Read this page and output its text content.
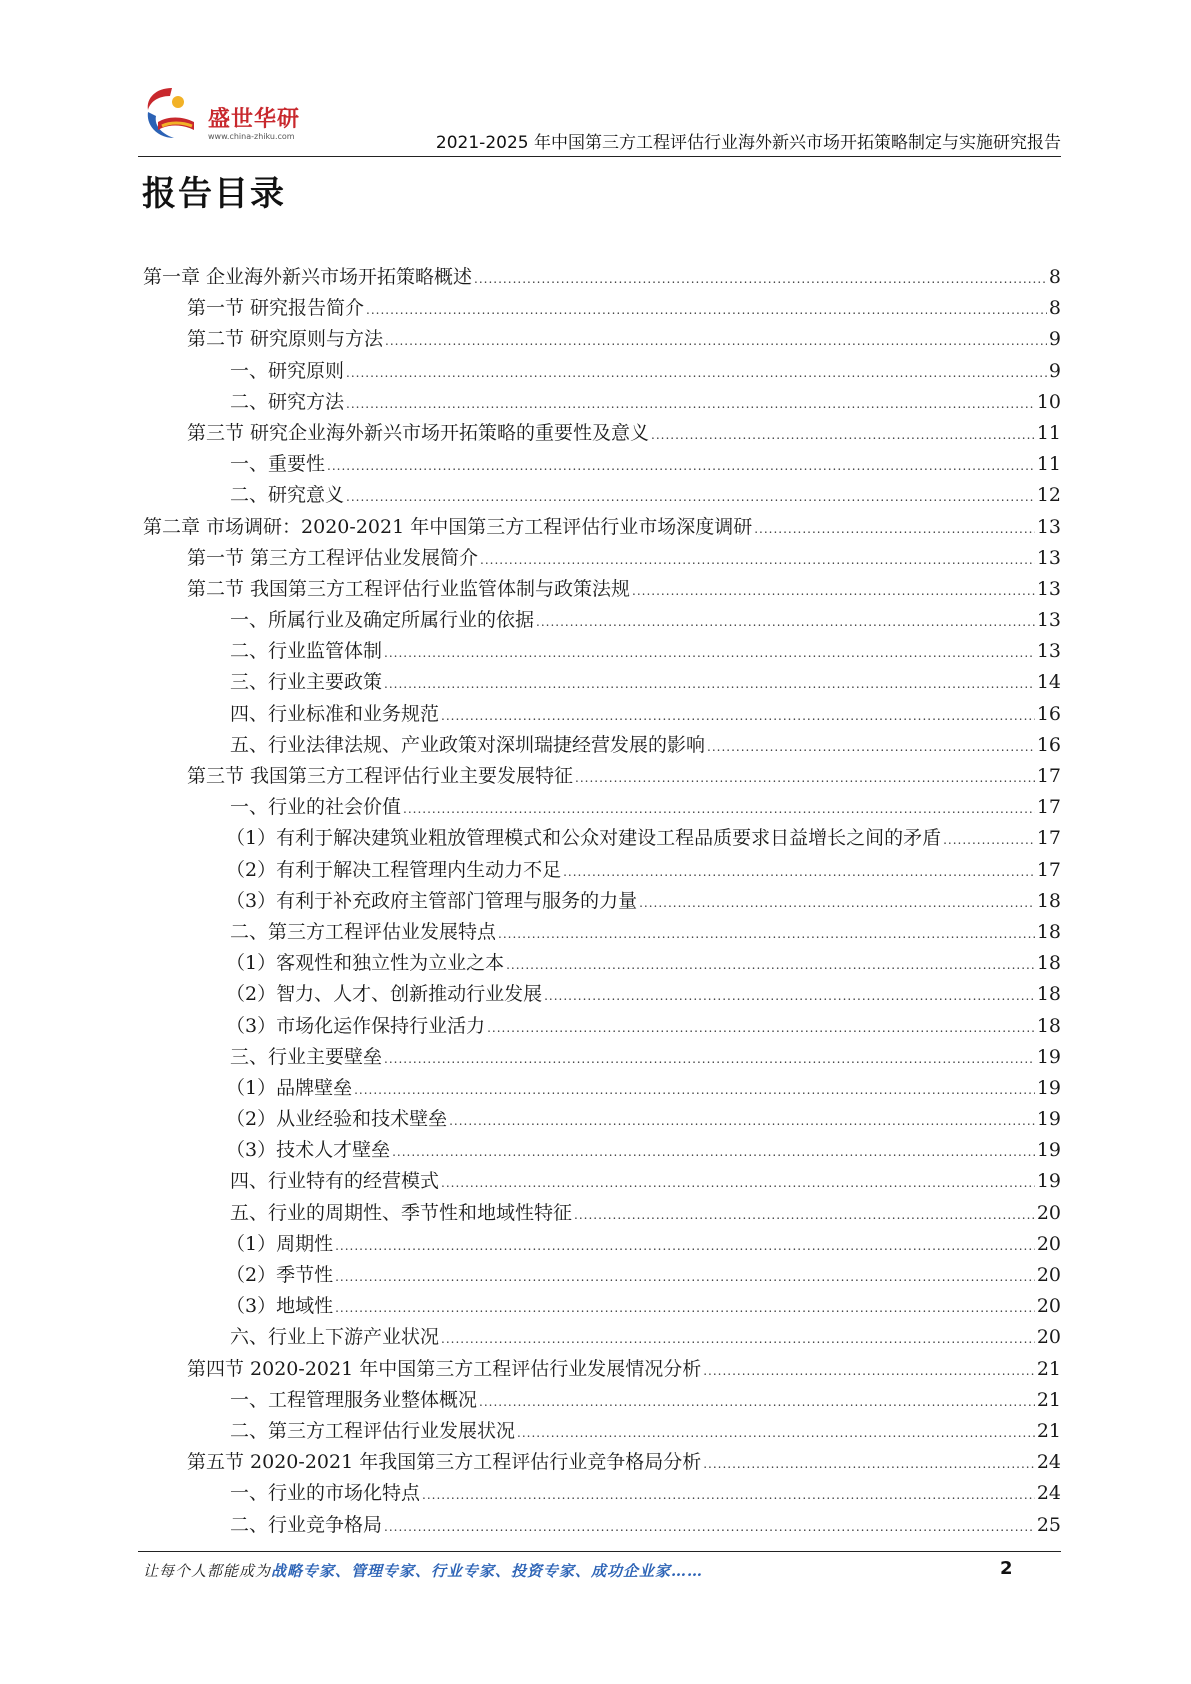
盛世华研
www.china-zhiku.com	2021-2025 年中国第三方工程评估行业海外新兴市场开拓策略制定与实施研究报告
报告目录
第一章 企业海外新兴市场开拓策略概述 .....	8
第一节 研究报告简介 .....	8
第二节 研究原则与方法 .....	9
一、研究原则 .....	9
二、研究方法 .....	10
第三节 研究企业海外新兴市场开拓策略的重要性及意义 .....	11
一、重要性 .....	11
二、研究意义 .....	12
第二章 市场调研：2020-2021 年中国第三方工程评估行业市场深度调研 .....	13
第一节 第三方工程评估业发展简介 .....	13
第二节 我国第三方工程评估行业监管体制与政策法规 .....	13
一、所属行业及确定所属行业的依据 .....	13
二、行业监管体制 .....	13
三、行业主要政策 .....	14
四、行业标准和业务规范 .....	16
五、行业法律法规、产业政策对深圳瑞捷经营发展的影响 .....	16
第三节 我国第三方工程评估行业主要发展特征 .....	17
一、行业的社会价值 .....	17
（1）有利于解决建筑业粗放管理模式和公众对建设工程品质要求日益增长之间的矛盾 .....	17
（2）有利于解决工程管理内生动力不足 .....	17
（3）有利于补充政府主管部门管理与服务的力量 .....	18
二、第三方工程评估业发展特点 .....	18
（1）客观性和独立性为立业之本 .....	18
（2）智力、人才、创新推动行业发展 .....	18
（3）市场化运作保持行业活力 .....	18
三、行业主要壁垒 .....	19
（1）品牌壁垒 .....	19
（2）从业经验和技术壁垒 .....	19
（3）技术人才壁垒 .....	19
四、行业特有的经营模式 .....	19
五、行业的周期性、季节性和地域性特征 .....	20
（1）周期性 .....	20
（2）季节性 .....	20
（3）地域性 .....	20
六、行业上下游产业状况 .....	20
第四节 2020-2021 年中国第三方工程评估行业发展情况分析 .....	21
一、工程管理服务业整体概况 .....	21
二、第三方工程评估行业发展状况 .....	21
第五节 2020-2021 年我国第三方工程评估行业竞争格局分析 .....	24
一、行业的市场化特点 .....	24
二、行业竞争格局 .....	25
让每个人都能成为战略专家、管理专家、行业专家、投资专家、成功企业家……	2
